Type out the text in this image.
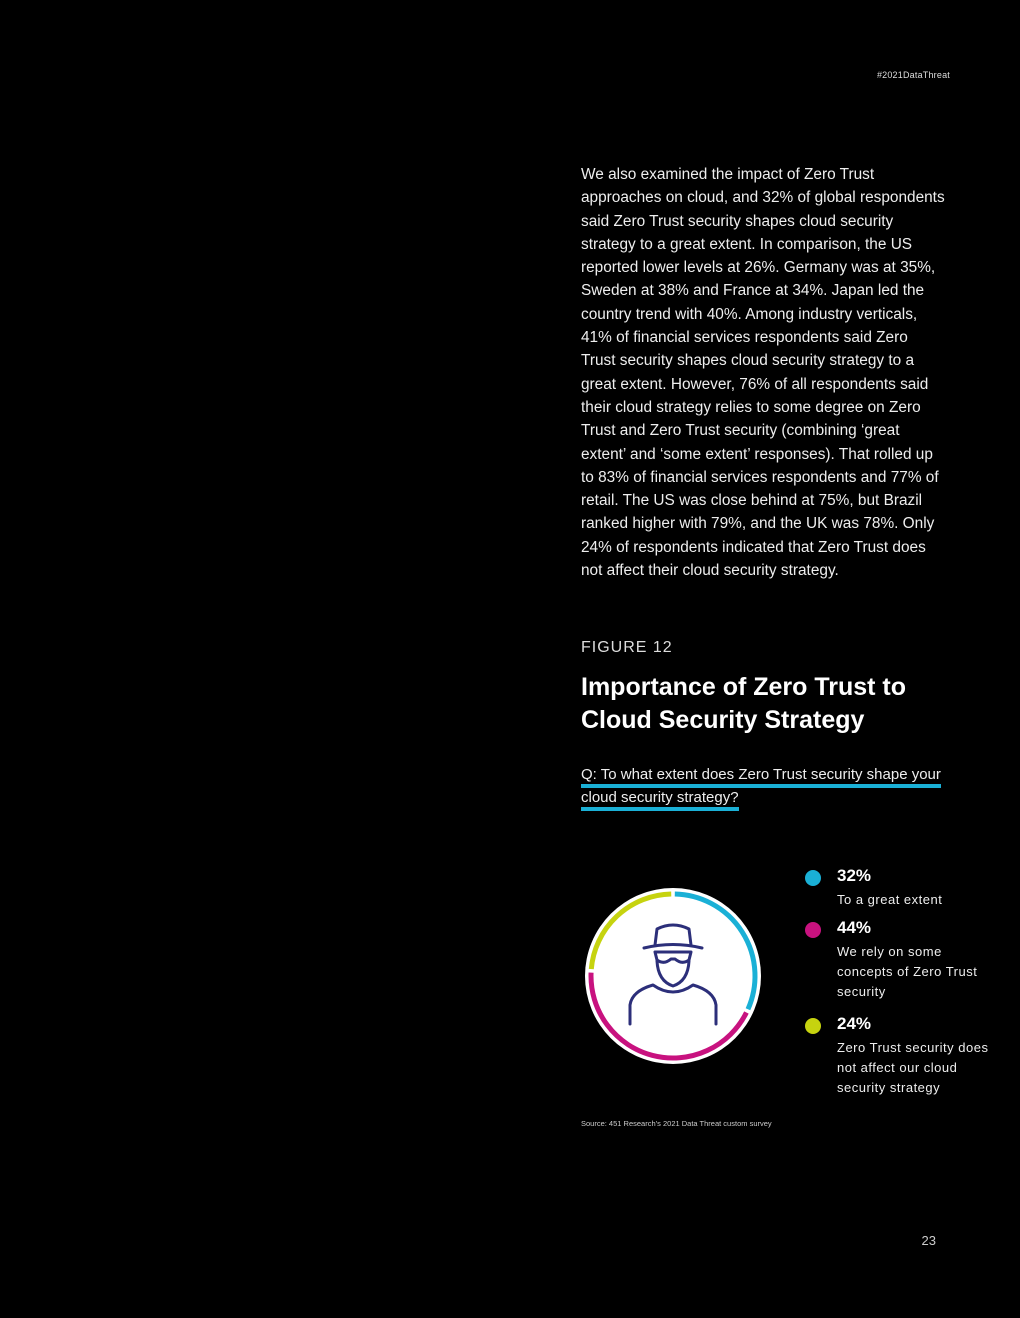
#2021DataThreat

We also examined the impact of Zero Trust approaches on cloud, and 32% of global respondents said Zero Trust security shapes cloud security strategy to a great extent. In comparison, the US reported lower levels at 26%. Germany was at 35%, Sweden at 38% and France at 34%. Japan led the country trend with 40%. Among industry verticals, 41% of financial services respondents said Zero Trust security shapes cloud security strategy to a great extent. However, 76% of all respondents said their cloud strategy relies to some degree on Zero Trust and Zero Trust security (combining ‘great extent’ and ‘some extent’ responses). That rolled up to 83% of financial services respondents and 77% of retail. The US was close behind at 75%, but Brazil ranked higher with 79%, and the UK was 78%. Only 24% of respondents indicated that Zero Trust does not affect their cloud security strategy.

FIGURE 12
Importance of Zero Trust to Cloud Security Strategy

Q: To what extent does Zero Trust security shape your cloud security strategy?

32%
To a great extent
44%
We rely on some concepts of Zero Trust security
24%
Zero Trust security does not affect our cloud security strategy
Source: 451 Research’s 2021 Data Threat custom survey
23
